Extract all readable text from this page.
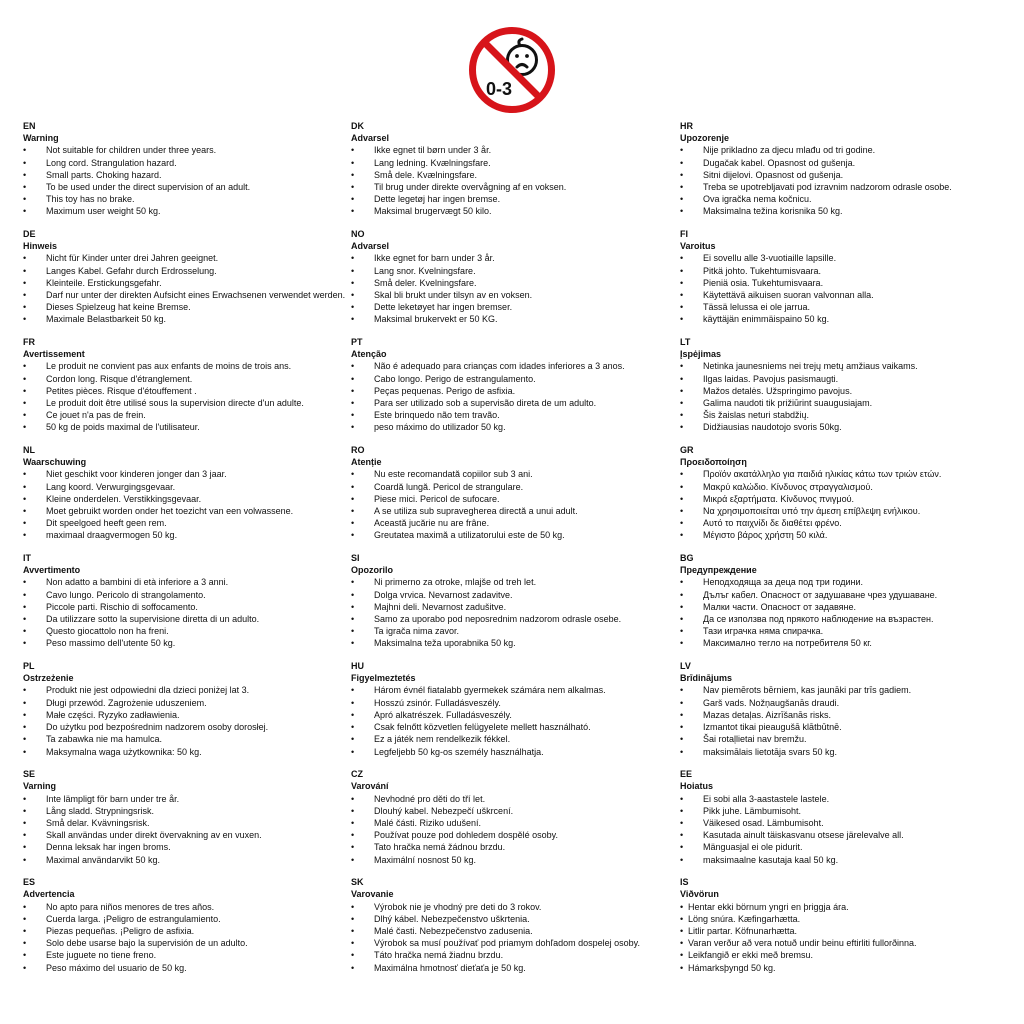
0-3
EN
Warning
• Not suitable for children under three years.
• Long cord. Strangulation hazard.
• Small parts. Choking hazard.
• To be used under the direct supervision of an adult.
• This toy has no brake.
• Maximum user weight 50 kg.
DE
Hinweis
• Nicht für Kinder unter drei Jahren geeignet.
• Langes Kabel. Gefahr durch Erdrosselung.
• Kleinteile. Erstickungsgefahr.
• Darf nur unter der direkten Aufsicht eines Erwachsenen verwendet werden.
• Dieses Spielzeug hat keine Bremse.
• Maximale Belastbarkeit 50 kg.
FR
Avertissement
• Le produit ne convient pas aux enfants de moins de trois ans.
• Cordon long. Risque d'étranglement.
• Petites pièces. Risque d'étouffement .
• Le produit doit être utilisé sous la supervision directe d'un adulte.
• Ce jouet n'a pas de frein.
• 50 kg de poids maximal de l'utilisateur.
NL
Waarschuwing
• Niet geschikt voor kinderen jonger dan 3 jaar.
• Lang koord. Verwurgingsgevaar.
• Kleine onderdelen. Verstikkingsgevaar.
• Moet gebruikt worden onder het toezicht van een volwassene.
• Dit speelgoed heeft geen rem.
• maximaal draagvermogen 50 kg.
IT
Avvertimento
• Non adatto a bambini di età inferiore a 3 anni.
• Cavo lungo. Pericolo di strangolamento.
• Piccole parti. Rischio di soffocamento.
• Da utilizzare sotto la supervisione diretta di un adulto.
• Questo giocattolo non ha freni.
• Peso massimo dell'utente 50 kg.
PL
Ostrzeżenie
• Produkt nie jest odpowiedni dla dzieci poniżej lat 3.
• Długi przewód. Zagrożenie uduszeniem.
• Małe części. Ryzyko zadławienia.
• Do użytku pod bezpośrednim nadzorem osoby dorosłej.
• Ta zabawka nie ma hamulca.
• Maksymalna waga użytkownika: 50 kg.
SE
Varning
• Inte lämpligt för barn under tre år.
• Lång sladd. Strypningsrisk.
• Små delar. Kvävningsrisk.
• Skall användas under direkt övervakning av en vuxen.
• Denna leksak har ingen broms.
• Maximal användarvikt 50 kg.
ES
Advertencia
• No apto para niños menores de tres años.
• Cuerda larga. ¡Peligro de estrangulamiento.
• Piezas pequeñas. ¡Peligro de asfixia.
• Solo debe usarse bajo la supervisión de un adulto.
• Este juguete no tiene freno.
• Peso máximo del usuario de 50 kg.
DK
Advarsel
• Ikke egnet til børn under 3 år.
• Lang ledning. Kvælningsfare.
• Små dele. Kvælningsfare.
• Til brug under direkte overvågning af en voksen.
• Dette legetøj har ingen bremse.
• Maksimal brugervægt 50 kilo.
NO
Advarsel
• Ikke egnet for barn under 3 år.
• Lang snor. Kvelningsfare.
• Små deler. Kvelningsfare.
• Skal bli brukt under tilsyn av en voksen.
• Dette leketøyet har ingen bremser.
• Maksimal brukervekt er 50 KG.
PT
Atenção
• Não é adequado para crianças com idades inferiores a 3 anos.
• Cabo longo. Perigo de estrangulamento.
• Peças pequenas. Perigo de asfixia.
• Para ser utilizado sob a supervisão direta de um adulto.
• Este brinquedo não tem travão.
• peso máximo do utilizador 50 kg.
RO
Atenție
• Nu este recomandată copiilor sub 3 ani.
• Coardă lungă. Pericol de strangulare.
• Piese mici. Pericol de sufocare.
• A se utiliza sub supravegherea directă a unui adult.
• Această jucărie nu are frâne.
• Greutatea maximă a utilizatorului este de 50 kg.
SI
Opozorilo
• Ni primerno za otroke, mlajše od treh let.
• Dolga vrvica. Nevarnost zadavitve.
• Majhni deli. Nevarnost zadušitve.
• Samo za uporabo pod neposrednim nadzorom odrasle osebe.
• Ta igrača nima zavor.
• Maksimalna teža uporabnika 50 kg.
HU
Figyelmeztetés
• Három évnél fiatalabb gyermekek számára nem alkalmas.
• Hosszú zsinór. Fulladásveszély.
• Apró alkatrészek. Fulladásveszély.
• Csak felnőtt közvetlen felügyelete mellett használható.
• Ez a játék nem rendelkezik fékkel.
• Legfeljebb 50 kg-os személy használhatja.
CZ
Varování
• Nevhodné pro děti do tří let.
• Dlouhý kabel. Nebezpečí uškrcení.
• Malé části. Riziko udušení.
• Používat pouze pod dohledem dospělé osoby.
• Tato hračka nemá žádnou brzdu.
• Maximální nosnost 50 kg.
SK
Varovanie
• Výrobok nie je vhodný pre deti do 3 rokov.
• Dlhý kábel. Nebezpečenstvo uškrtenia.
• Malé časti. Nebezpečenstvo zadusenia.
• Výrobok sa musí používať pod priamym dohľadom dospelej osoby.
• Táto hračka nemá žiadnu brzdu.
• Maximálna hmotnosť dieťaťa je 50 kg.
HR
Upozorenje
• Nije prikladno za djecu mlađu od tri godine.
• Dugačak kabel. Opasnost od gušenja.
• Sitni dijelovi. Opasnost od gušenja.
• Treba se upotrebljavati pod izravnim nadzorom odrasle osobe.
• Ova igračka nema kočnicu.
• Maksimalna težina korisnika 50 kg.
FI
Varoitus
• Ei sovellu alle 3-vuotiaille lapsille.
• Pitkä johto. Tukehtumisvaara.
• Pieniä osia. Tukehtumisvaara.
• Käytettävä aikuisen suoran valvonnan alla.
• Tässä lelussa ei ole jarrua.
• käyttäjän enimmäispaino 50 kg.
LT
Įspėjimas
• Netinka jaunesniems nei trejų metų amžiaus vaikams.
• Ilgas laidas. Pavojus pasismaugti.
• Mažos detalės. Užspringimo pavojus.
• Galima naudoti tik prižiūrint suaugusiajam.
• Šis žaislas neturi stabdžių.
• Didžiausias naudotojo svoris 50kg.
GR
Προειδοποίηση
• Προϊόν ακατάλληλο για παιδιά ηλικίας κάτω των τριών ετών.
• Μακρύ καλώδιο. Κίνδυνος στραγγαλισμού.
• Μικρά εξαρτήματα. Κίνδυνος πνιγμού.
• Να χρησιμοποιείται υπό την άμεση επίβλεψη ενήλικου.
• Αυτό το παιχνίδι δε διαθέτει φρένο.
• Μέγιστο βάρος χρήστη 50 κιλά.
BG
Предупреждение
• Неподходяща за деца под три години.
• Дълъг кабел. Опасност от задушаване чрез удушаване.
• Малки части. Опасност от задавяне.
• Да се използва под прякото наблюдение на възрастен.
• Тази играчка няма спирачка.
• Максимално тегло на потребителя 50 кг.
LV
Brīdinājums
• Nav piemērots bērniem, kas jaunāki par trīs gadiem.
• Garš vads. Nožņaugšanās draudi.
• Mazas detaļas. Aizrīšanās risks.
• Izmantot tikai pieaugušā klātbūtnē.
• Šai rotaļlietai nav bremžu.
• maksimālais lietotāja svars 50 kg.
EE
Hoiatus
• Ei sobi alla 3-aastastele lastele.
• Pikk juhe. Lämbumisoht.
• Väikesed osad. Lämbumisoht.
• Kasutada ainult täiskasvanu otsese järelevalve all.
• Mänguasjal ei ole pidurit.
• maksimaalne kasutaja kaal 50 kg.
IS
Viðvörun
• Hentar ekki börnum yngri en þriggja ára.
• Löng snúra. Kæfingarhætta.
• Litlir partar. Köfnunarhætta.
• Varan verður að vera notuð undir beinu eftirliti fullorðinna.
• Leikfangið er ekki með bremsu.
• Hámarksþyngd 50 kg.
